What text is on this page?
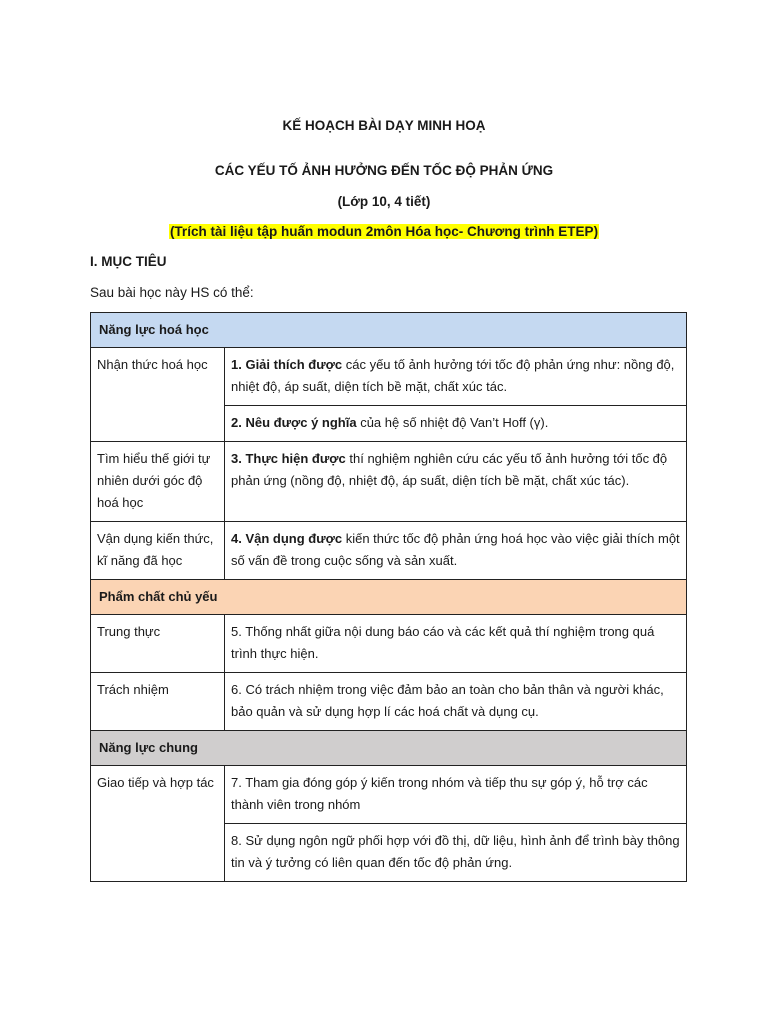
KẾ HOẠCH BÀI DẠY MINH HOẠ
CÁC YẾU TỐ ẢNH HƯỞNG ĐẾN TỐC ĐỘ PHẢN ỨNG
(Lớp 10, 4 tiết)
(Trích tài liệu tập huấn modun 2môn Hóa học- Chương trình ETEP)
I. MỤC TIÊU
Sau bài học này HS có thể:
Năng lực hoá học	
Nhận thức hoá học	1. Giải thích được các yếu tố ảnh hưởng tới tốc độ phản ứng như: nồng độ, nhiệt độ, áp suất, diện tích bề mặt, chất xúc tác.
	2. Nêu được ý nghĩa của hệ số nhiệt độ Van’t Hoff (γ).
Tìm hiểu thế giới tự nhiên dưới góc độ hoá học	3. Thực hiện được thí nghiệm nghiên cứu các yếu tố ảnh hưởng tới tốc độ phản ứng (nồng độ, nhiệt độ, áp suất, diện tích bề mặt, chất xúc tác).
Vận dụng kiến thức, kĩ năng đã học	4. Vận dụng được kiến thức tốc độ phản ứng hoá học vào việc giải thích một số vấn đề trong cuộc sống và sản xuất.
Phẩm chất chủ yếu	
Trung thực	5. Thống nhất giữa nội dung báo cáo và các kết quả thí nghiệm trong quá trình thực hiện.
Trách nhiệm	6. Có trách nhiệm trong việc đảm bảo an toàn cho bản thân và người khác, bảo quản và sử dụng hợp lí các hoá chất và dụng cụ.
Năng lực chung	
Giao tiếp và hợp tác	7. Tham gia đóng góp ý kiến trong nhóm và tiếp thu sự góp ý, hỗ trợ các thành viên trong nhóm
	8. Sử dụng ngôn ngữ phối hợp với đồ thị, dữ liệu, hình ảnh để trình bày thông tin và ý tưởng có liên quan đến tốc độ phản ứng.
